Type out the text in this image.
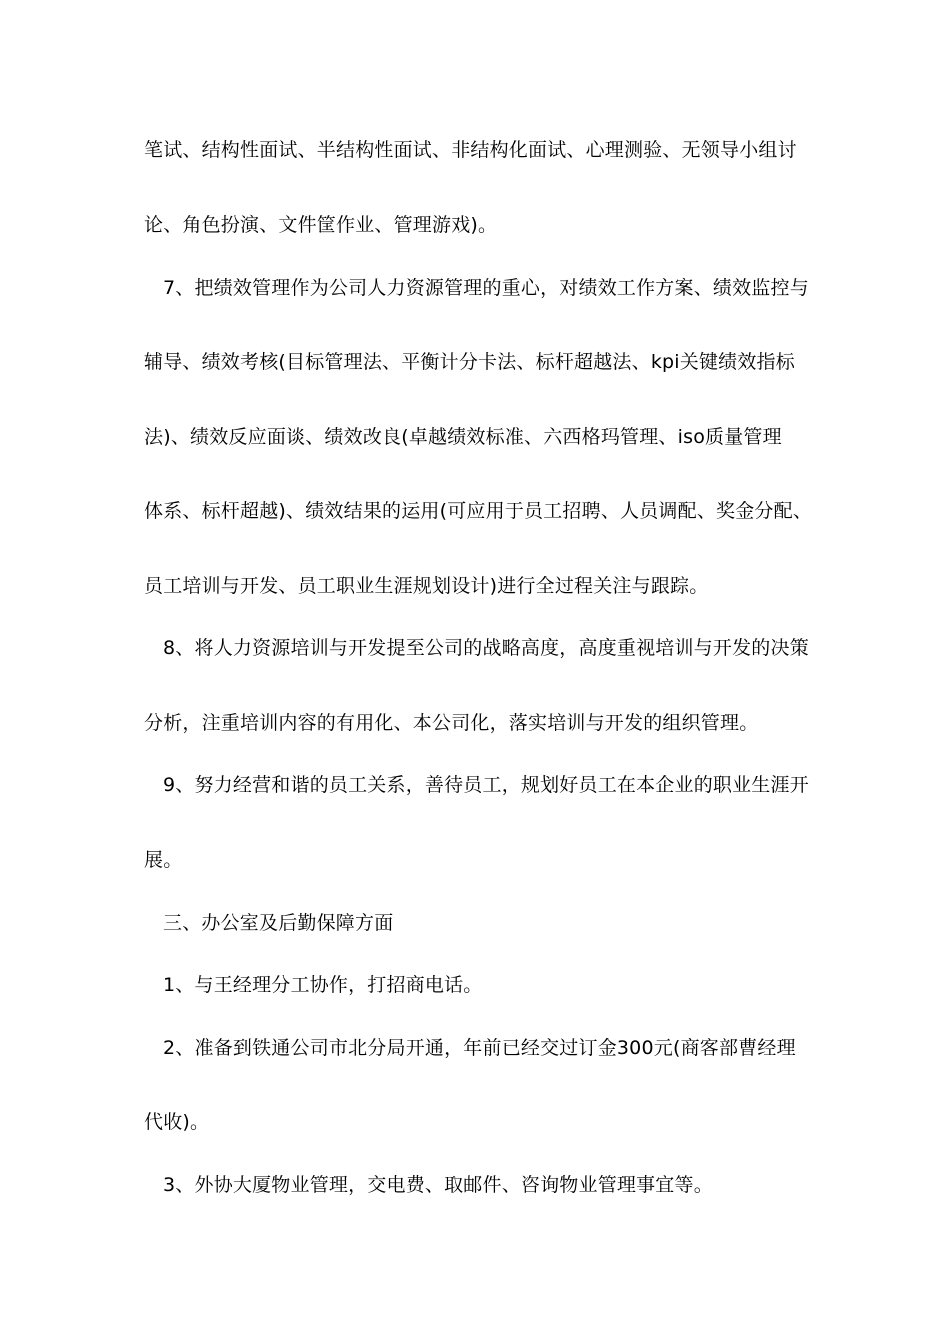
笔试、结构性面试、半结构性面试、非结构化面试、心理测验、无领导小组讨
论、角色扮演、文件筐作业、管理游戏)。
7、把绩效管理作为公司人力资源管理的重心，对绩效工作方案、绩效监控与
辅导、绩效考核(目标管理法、平衡计分卡法、标杆超越法、kpi关键绩效指标
法)、绩效反应面谈、绩效改良(卓越绩效标准、六西格玛管理、iso质量管理
体系、标杆超越)、绩效结果的运用(可应用于员工招聘、人员调配、奖金分配、
员工培训与开发、员工职业生涯规划设计)进行全过程关注与跟踪。
8、将人力资源培训与开发提至公司的战略高度，高度重视培训与开发的决策
分析，注重培训内容的有用化、本公司化，落实培训与开发的组织管理。
9、努力经营和谐的员工关系，善待员工，规划好员工在本企业的职业生涯开
展。
三、办公室及后勤保障方面
1、与王经理分工协作，打招商电话。
2、准备到铁通公司市北分局开通，年前已经交过订金300元(商客部曹经理
代收)。
3、外协大厦物业管理，交电费、取邮件、咨询物业管理事宜等。
